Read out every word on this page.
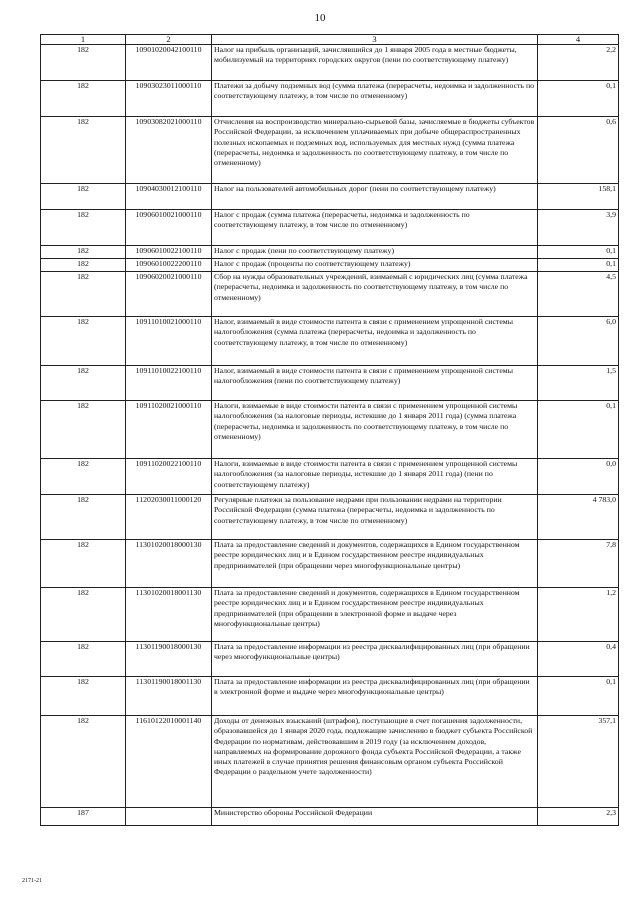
10
1	2	3	4
182	10901020042100110	Налог на прибыль организаций, зачислявшийся до 1 января 2005 года в местные бюджеты, мобилизуемый на территориях городских округов (пени по соответствующему платежу)	2,2
182	10903023011000110	Платежи за добычу подземных вод (сумма платежа (перерасчеты, недоимка и задолженность по соответствующему платежу, в том числе по отмененному)	0,1
182	10903082021000110	Отчисления на воспроизводство минерально-сырьевой базы, зачисляемые в бюджеты субъектов Российской Федерации, за исключением уплачиваемых при добыче общераспространенных полезных ископаемых и подземных вод, используемых для местных нужд (сумма платежа (перерасчеты, недоимка и задолженность по соответствующему платежу, в том числе по отмененному)	0,6
182	10904030012100110	Налог на пользователей автомобильных дорог (пени по соответствующему платежу)	158,1
182	10906010021000110	Налог с продаж (сумма платежа (перерасчеты, недоимка и задолженность по соответствующему платежу, в том числе по отмененному)	3,9
182	10906010022100110	Налог с продаж (пени по соответствующему платежу)	0,1
182	10906010022200110	Налог с продаж (проценты по соответствующему платежу)	0,1
182	10906020021000110	Сбор на нужды образовательных учреждений, взимаемый с юридических лиц (сумма платежа (перерасчеты, недоимка и задолженность по соответствующему платежу, в том числе по отмененному)	4,5
182	10911010021000110	Налог, взимаемый в виде стоимости патента в связи с применением упрощенной системы налогообложения (сумма платежа (перерасчеты, недоимка и задолженность по соответствующему платежу, в том числе по отмененному)	6,0
182	10911010022100110	Налог, взимаемый в виде стоимости патента в связи с применением упрощенной системы налогообложения (пени по соответствующему платежу)	1,5
182	10911020021000110	Налоги, взимаемые в виде стоимости патента в связи с применением упрощенной системы налогообложения (за налоговые периоды, истекшие до 1 января 2011 года) (сумма платежа (перерасчеты, недоимка и задолженность по соответствующему платежу, в том числе по отмененному)	0,1
182	10911020022100110	Налоги, взимаемые в виде стоимости патента в связи с применением упрощенной системы налогообложения (за налоговые периоды, истекшие до 1 января 2011 года) (пени по соответствующему платежу)	0,0
182	11202030011000120	Регулярные платежи за пользование недрами при пользовании недрами на территории Российской Федерации (сумма платежа (перерасчеты, недоимка и задолженность по соответствующему платежу, в том числе по отмененному)	4 783,0
182	11301020018000130	Плата за предоставление сведений и документов, содержащихся в Едином государственном реестре юридических лиц и в Едином государственном реестре индивидуальных предпринимателей (при обращении через многофункциональные центры)	7,8
182	11301020018001130	Плата за предоставление сведений и документов, содержащихся в Едином государственном реестре юридических лиц и в Едином государственном реестре индивидуальных предпринимателей (при обращении в электронной форме и выдаче через многофункциональные центры)	1,2
182	11301190018000130	Плата за предоставление информации из реестра дисквалифицированных лиц (при обращении через многофункциональные центры)	0,4
182	11301190018001130	Плата за предоставление информации из реестра дисквалифицированных лиц (при обращении в электронной форме и выдаче через многофункциональные центры)	0,1
182	11610122010001140	Доходы от денежных взысканий (штрафов), поступающие в счет погашения задолженности, образовавшейся до 1 января 2020 года, подлежащие зачислению в бюджет субъекта Российской Федерации по нормативам, действовавшим в 2019 году (за исключением доходов, направляемых на формирование дорожного фонда субъекта Российской Федерации, а также иных платежей в случае принятия решения финансовым органом субъекта Российской Федерации о раздельном учете задолженности)	357,1
187		Министерство обороны Российской Федерации	2,3
2171-21
